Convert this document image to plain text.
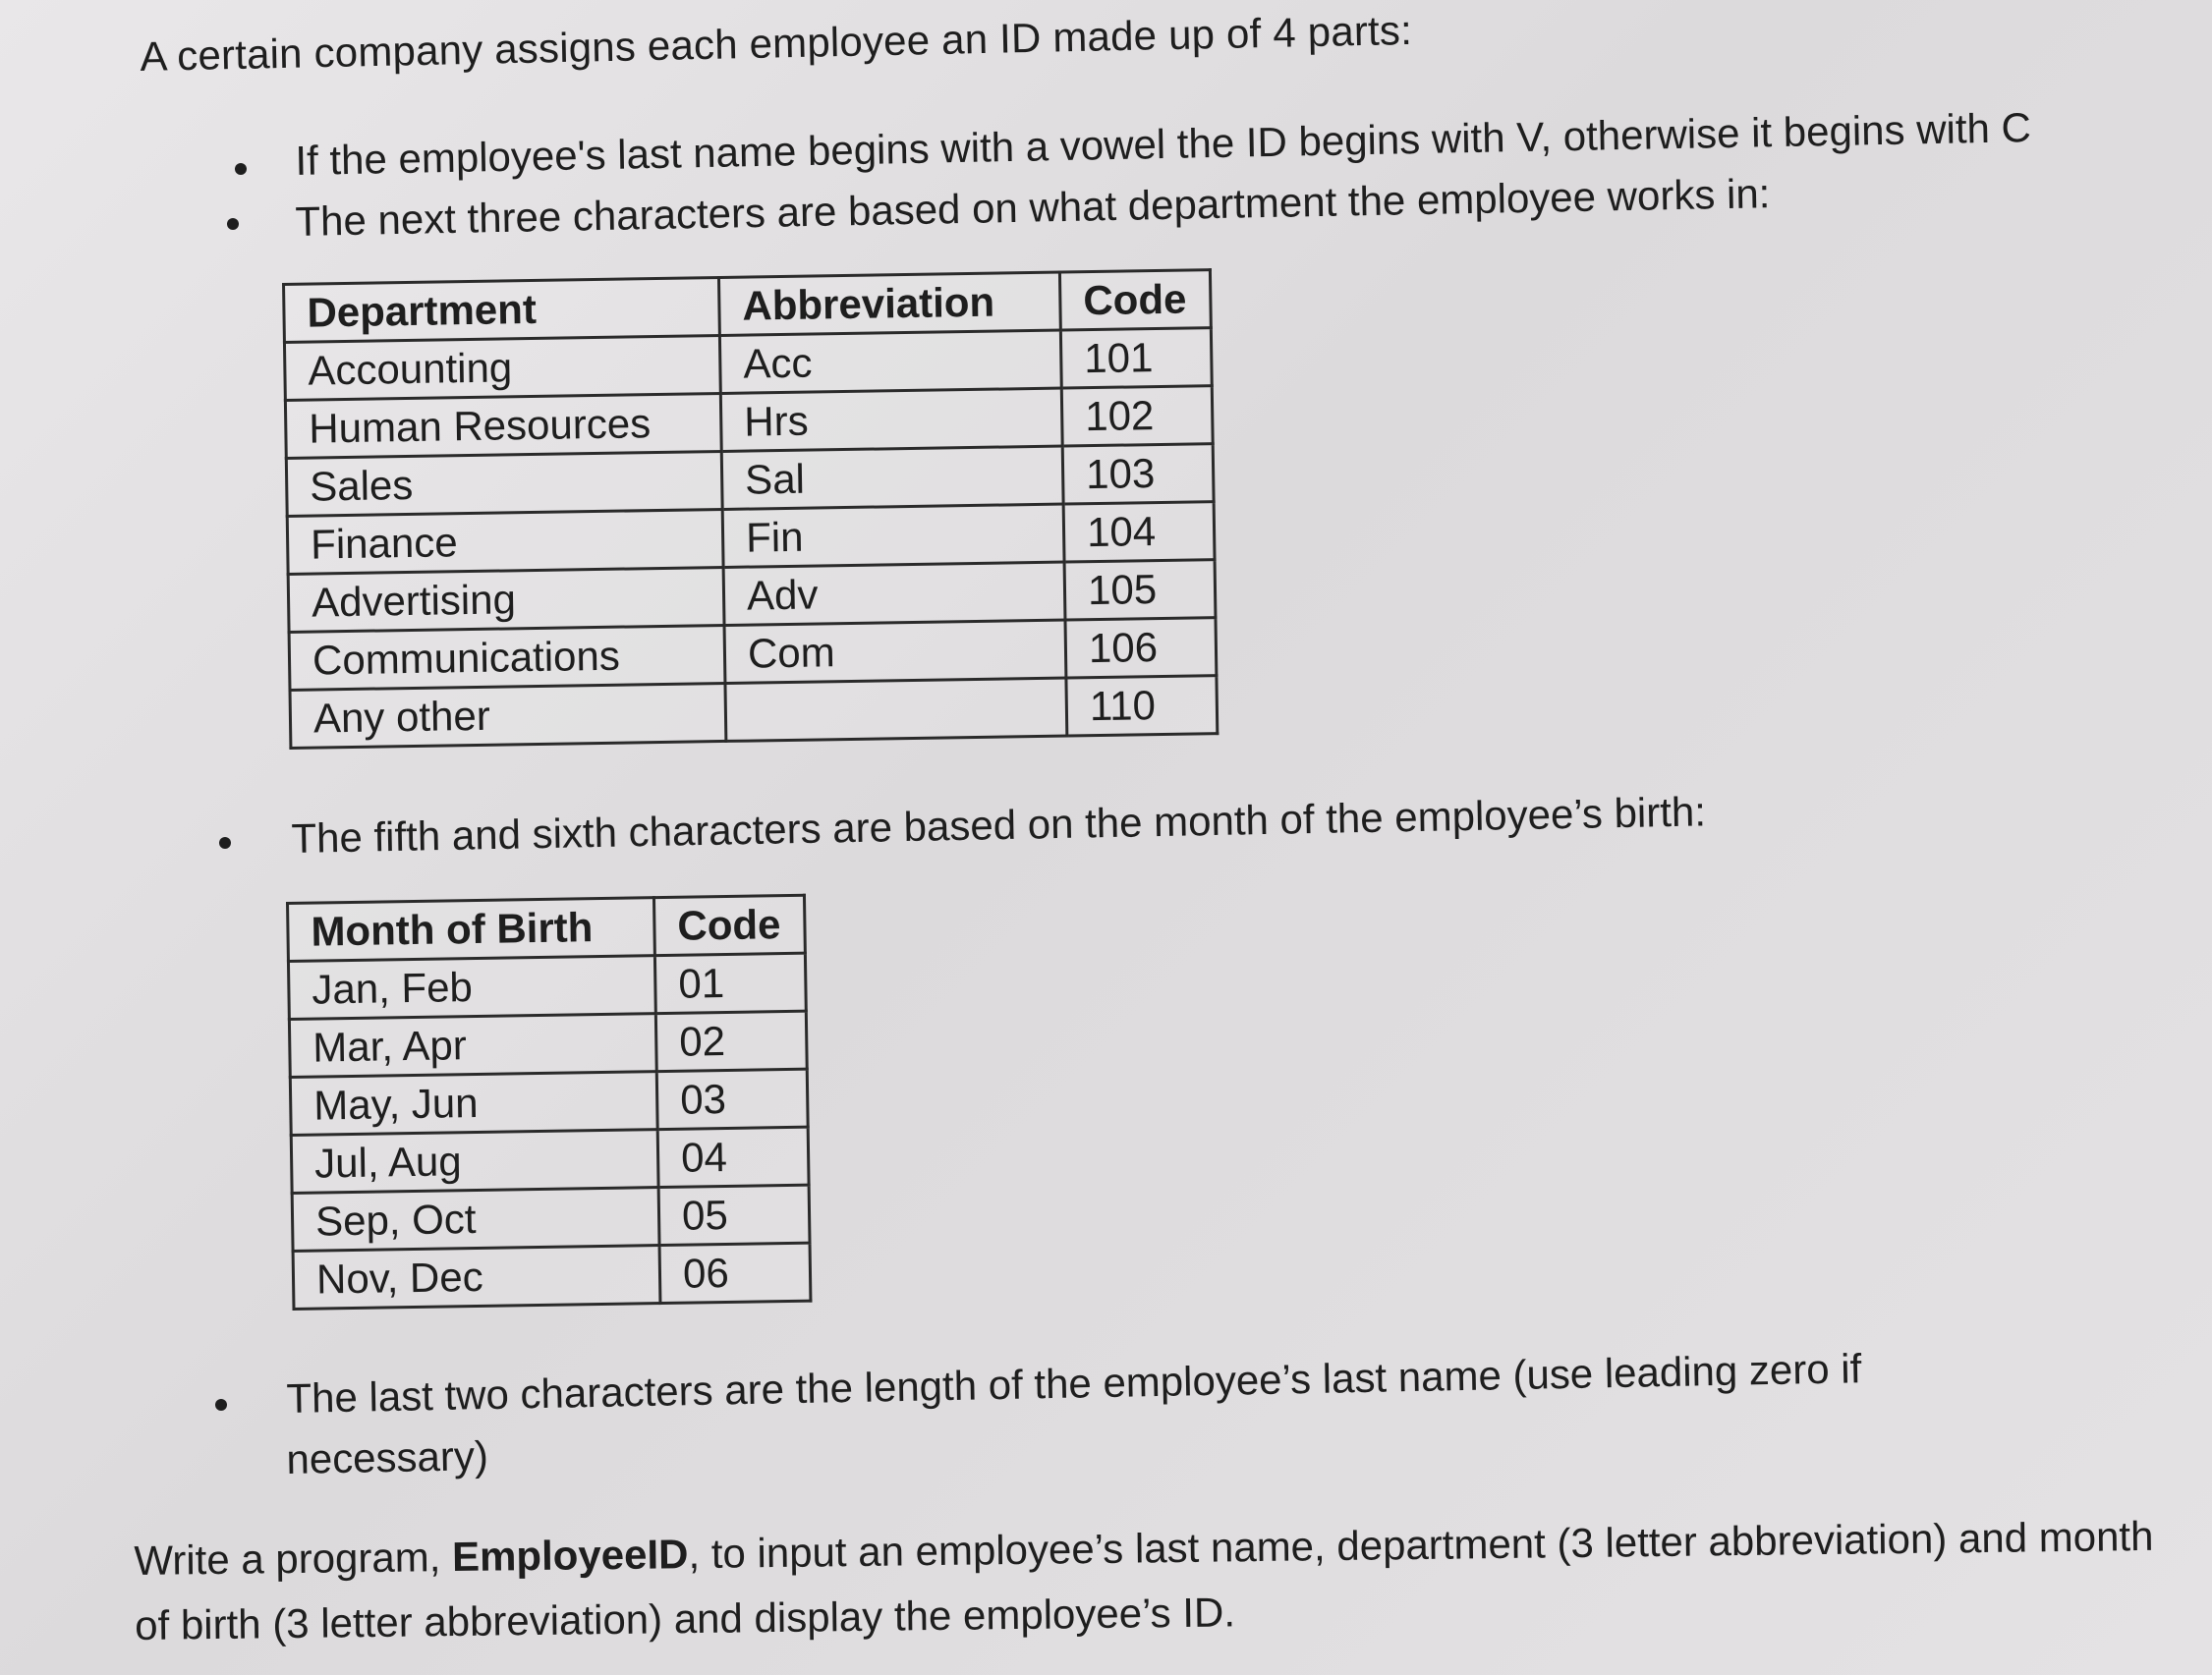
A certain company assigns each employee an ID made up of 4 parts:
If the employee's last name begins with a vowel the ID begins with V, otherwise it begins with C
The next three characters are based on what department the employee works in:
Department	Abbreviation	Code
Accounting	Acc	101
Human Resources	Hrs	102
Sales	Sal	103
Finance	Fin	104
Advertising	Adv	105
Communications	Com	106
Any other		110
The fifth and sixth characters are based on the month of the employee’s birth:
Month of Birth	Code
Jan, Feb	01
Mar, Apr	02
May, Jun	03
Jul, Aug	04
Sep, Oct	05
Nov, Dec	06
The last two characters are the length of the employee’s last name (use leading zero if
necessary)
Write a program, EmployeeID, to input an employee’s last name, department (3 letter abbreviation) and month of birth (3 letter abbreviation) and display the employee’s ID.
